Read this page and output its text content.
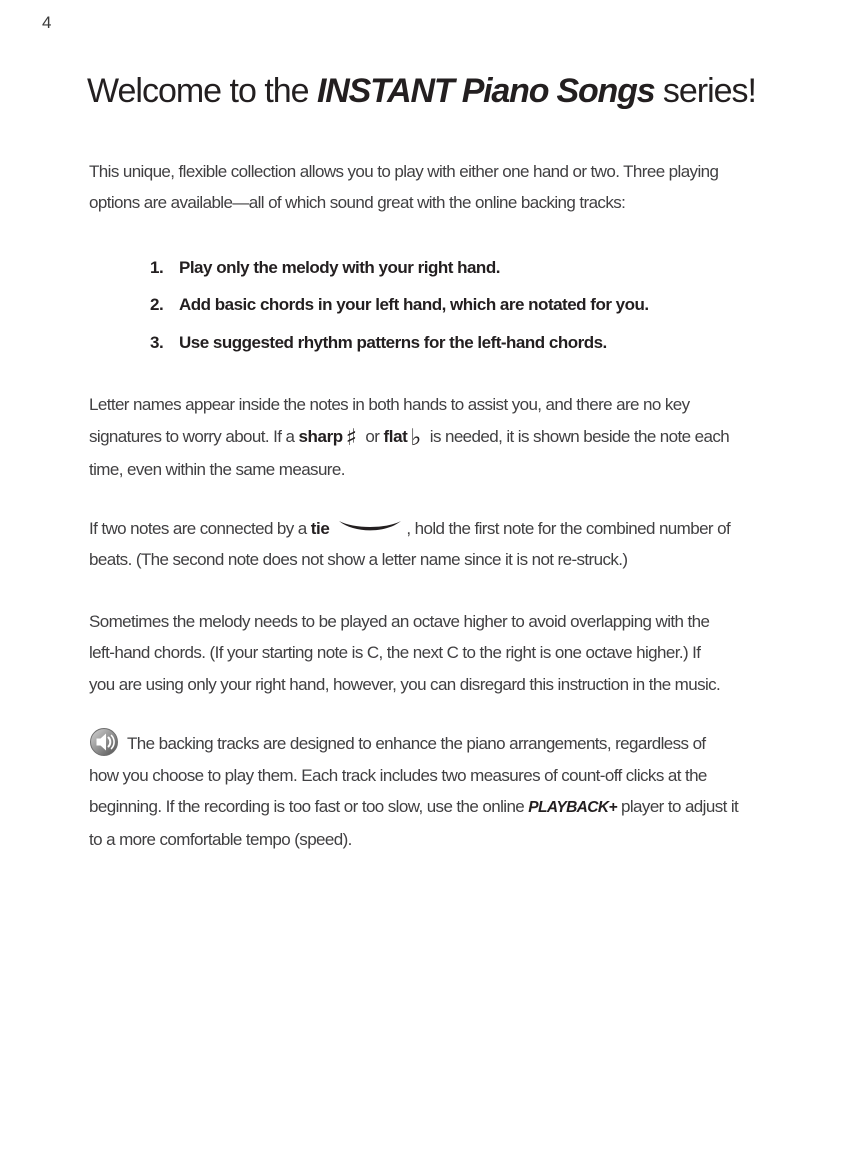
4
Welcome to the INSTANT Piano Songs series!
This unique, flexible collection allows you to play with either one hand or two. Three playing
options are available—all of which sound great with the online backing tracks:
1. Play only the melody with your right hand.
2. Add basic chords in your left hand, which are notated for you.
3. Use suggested rhythm patterns for the left-hand chords.
Letter names appear inside the notes in both hands to assist you, and there are no key
signatures to worry about. If a sharp ♯ or flat ♭ is needed, it is shown beside the note each
time, even within the same measure.
If two notes are connected by a tie	, hold the first note for the combined number of
beats. (The second note does not show a letter name since it is not re-struck.)
Sometimes the melody needs to be played an octave higher to avoid overlapping with the
left-hand chords. (If your starting note is C, the next C to the right is one octave higher.) If
you are using only your right hand, however, you can disregard this instruction in the music.
The backing tracks are designed to enhance the piano arrangements, regardless of
how you choose to play them. Each track includes two measures of count-off clicks at the
beginning. If the recording is too fast or too slow, use the online PLAYBACK+ player to adjust it
to a more comfortable tempo (speed).
